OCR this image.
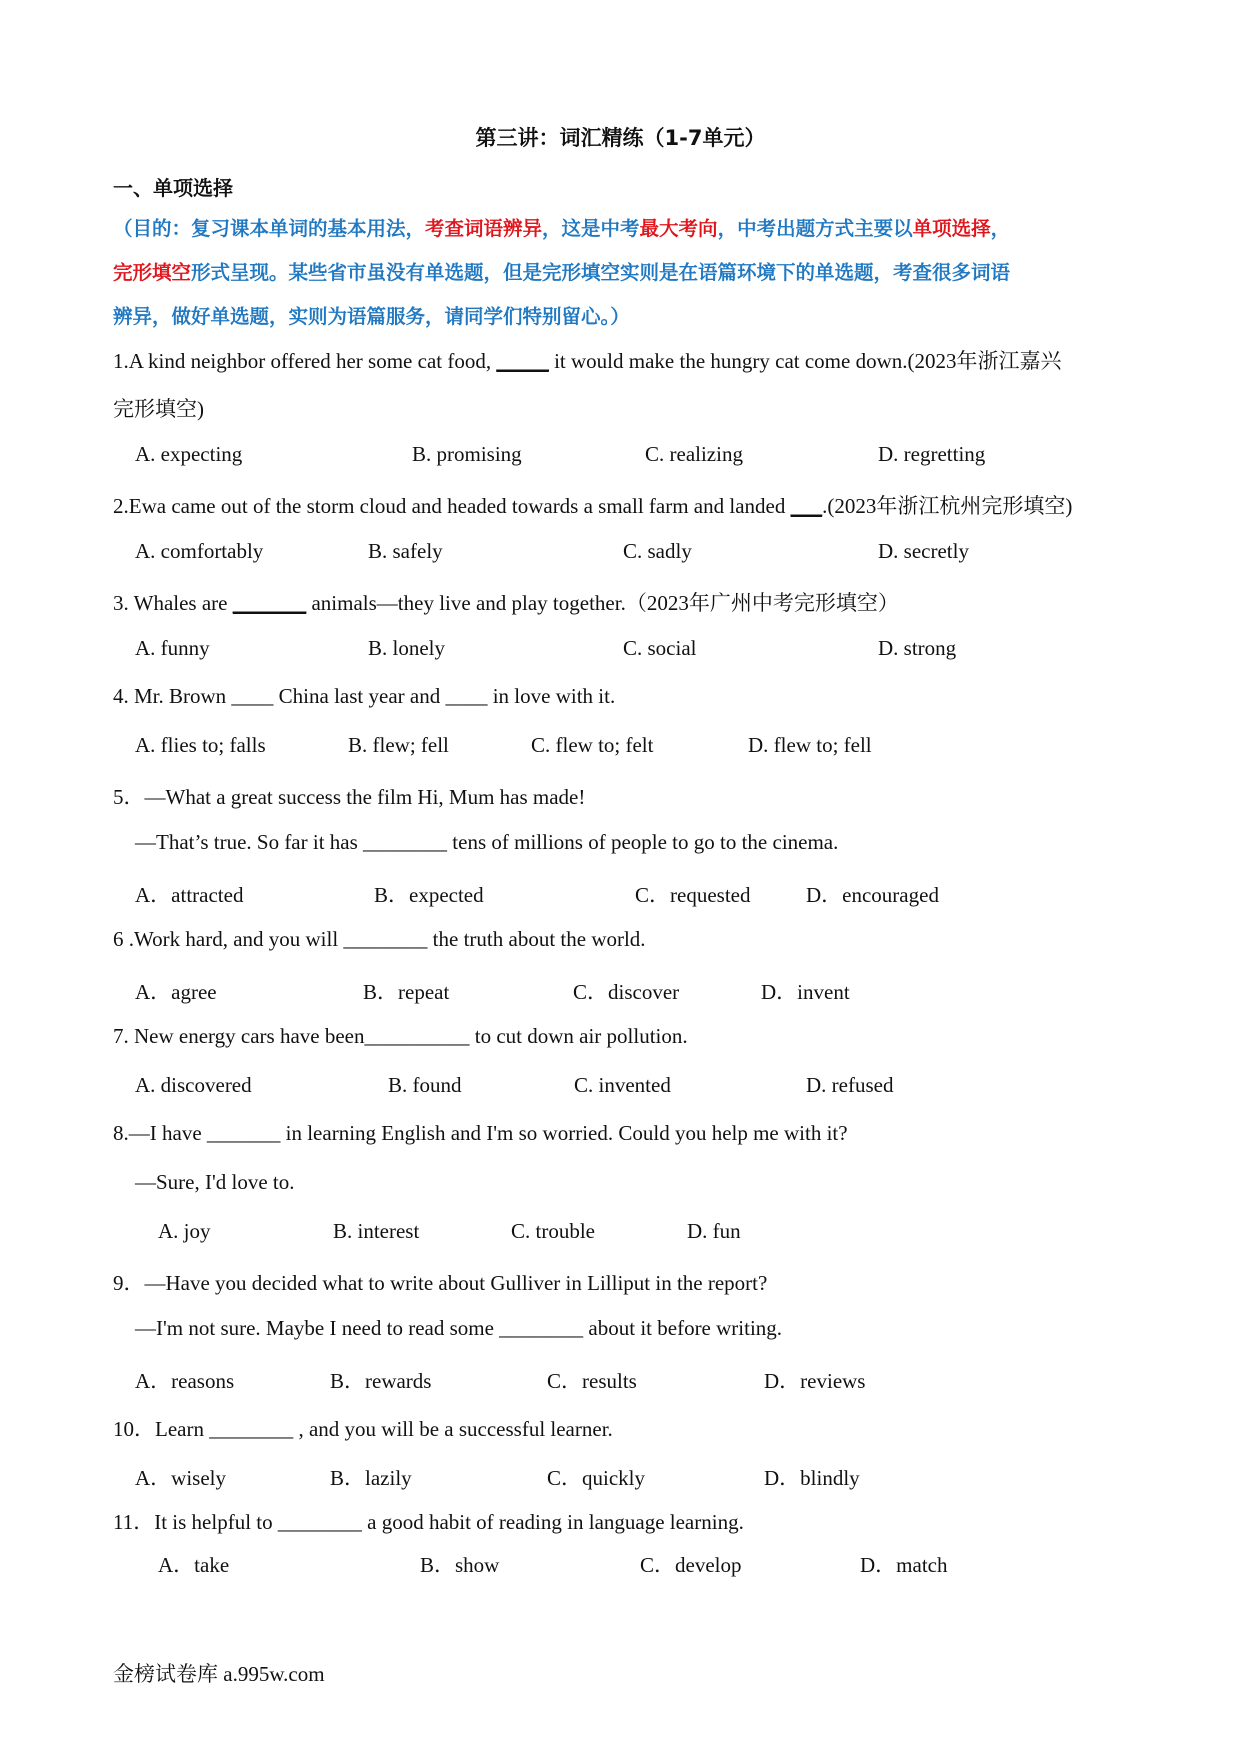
第三讲：词汇精练（1-7单元）
一、单项选择
（目的：复习课本单词的基本用法，考查词语辨异，这是中考最大考向，中考出题方式主要以单项选择，
完形填空形式呈现。某些省市虽没有单选题，但是完形填空实则是在语篇环境下的单选题，考查很多词语
辨异，做好单选题，实则为语篇服务，请同学们特别留心。）
1.A kind neighbor offered her some cat food, _____ it would make the hungry cat come down.(2023年浙江嘉兴
完形填空)
A. expecting	B. promising	C. realizing	D. regretting
2.Ewa came out of the storm cloud and headed towards a small farm and landed ___.(2023年浙江杭州完形填空)
A. comfortably	B. safely	C. sadly	D. secretly
3. Whales are _______ animals—they live and play together.（2023年广州中考完形填空）
A. funny	B. lonely	C. social	D. strong
4. Mr. Brown ____ China last year and ____ in love with it.
A. flies to; falls	B. flew; fell	C. flew to; felt	D. flew to; fell
5．—What a great success the film Hi, Mum has made!
—That’s true. So far it has ________ tens of millions of people to go to the cinema.
A．attracted	B．expected	C．requested	D．encouraged
6 .Work hard, and you will ________ the truth about the world.
A．agree	B．repeat	C．discover	D．invent
7. New energy cars have been__________ to cut down air pollution.
A. discovered	B. found	C. invented	D. refused
8.—I have _______ in learning English and I'm so worried. Could you help me with it?
—Sure, I'd love to.
A. joy	B. interest	C. trouble	D. fun
9．—Have you decided what to write about Gulliver in Lilliput in the report?
—I'm not sure. Maybe I need to read some ________ about it before writing.
A．reasons	B．rewards	C．results	D．reviews
10．Learn ________ , and you will be a successful learner.
A．wisely	B．lazily	C．quickly	D．blindly
11．It is helpful to ________ a good habit of reading in language learning.
A．take	B．show	C．develop	D．match
金榜试卷库 a.995w.com
